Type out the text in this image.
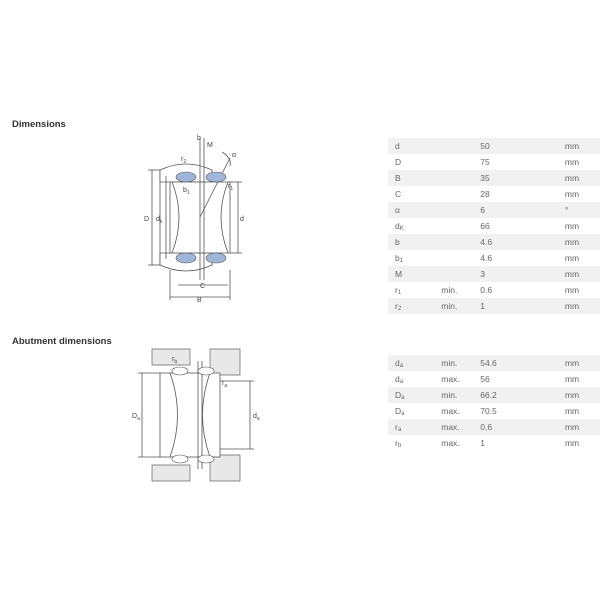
Dimensions
b
M
$r_2$
α
$r_1$
$b_1$
D $d_k$	d
C
B
d		50	mm
D		75	mm
B		35	mm
C		28	mm
α		6	°
dK		66	mm
b		4.6	mm
b1		4.6	mm
M		3	mm
r1	min.	0.6	mm
r2	min.	1	mm
Abutment dimensions
$r_b$
$r_a$
$D_a$	$d_a$
da	min.	54.6	mm
da	max.	56	mm
Da	min.	66.2	mm
Da	max.	70.5	mm
ra	max.	0.6	mm
rb	max.	1	mm
